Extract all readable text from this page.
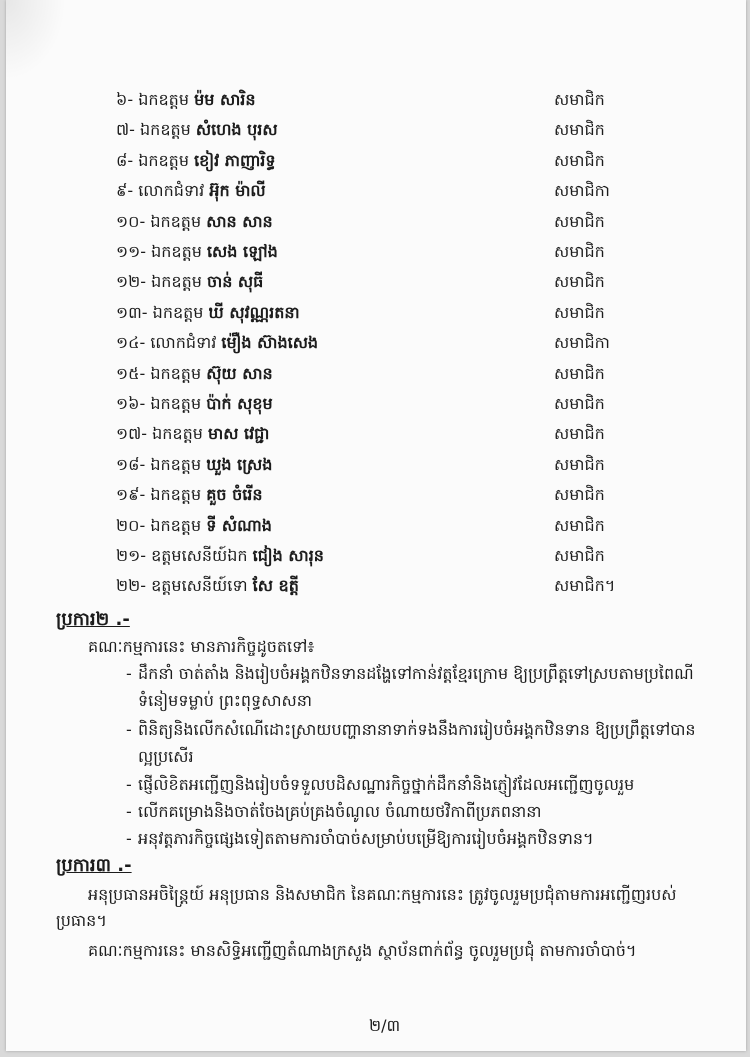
៦- ឯកឧត្តម ម៉ម សារិន	សមាជិក
៧- ឯកឧត្តម សំហេង បុរស	សមាជិក
៨- ឯកឧត្តម ខៀវ ភាញារិទ្ធ	សមាជិក
៩- លោកជំទាវ អ៊ុក ម៉ាលី	សមាជិកា
១០- ឯកឧត្តម សាន សាន	សមាជិក
១១- ឯកឧត្តម សេង ឡៅង	សមាជិក
១២- ឯកឧត្តម ចាន់ សុធី	សមាជិក
១៣- ឯកឧត្តម ឃី សុវណ្ណរតនា	សមាជិក
១៤- លោកជំទាវ ម៉ឿង ស៊ាងសេង	សមាជិកា
១៥- ឯកឧត្តម ស៊ុយ សាន	សមាជិក
១៦- ឯកឧត្តម ប៉ាក់ សុខុម	សមាជិក
១៧- ឯកឧត្តម មាស វេជ្ជា	សមាជិក
១៨- ឯកឧត្តម ឃួង ស្រេង	សមាជិក
១៩- ឯកឧត្តម គួច ចំរើន	សមាជិក
២០- ឯកឧត្តម ទី សំណាង	សមាជិក
២១- ឧត្តមសេនីយ៍ឯក ជៀង សារុន	សមាជិក
២២- ឧត្តមសេនីយ៍ទោ សែ ឧត្តី	សមាជិក។
ប្រការ២ .-
គណៈកម្មការនេះ មានភារកិច្ចដូចតទៅ៖
- ដឹកនាំ ចាត់តាំង និងរៀបចំអង្គកឋិនទានដង្ហែទៅកាន់វត្តខ្មែរក្រោម ឱ្យប្រព្រឹត្តទៅស្របតាមប្រពៃណី
ទំនៀមទម្លាប់ ព្រះពុទ្ធសាសនា
- ពិនិត្យនិងលើកសំណើដោះស្រាយបញ្ហានានាទាក់ទងនឹងការរៀបចំអង្គកឋិនទាន ឱ្យប្រព្រឹត្តទៅបាន
ល្អប្រសើរ
- ផ្ញើលិខិតអញ្ជើញនិងរៀបចំទទួលបដិសណ្ឋារកិច្ចថ្នាក់ដឹកនាំនិងភ្ញៀវដែលអញ្ជើញចូលរួម
- លើកគម្រោងនិងចាត់ចែងគ្រប់គ្រងចំណូល ចំណាយថវិកាពីប្រភពនានា
- អនុវត្តភារកិច្ចផ្សេងទៀតតាមការចាំបាច់សម្រាប់បម្រើឱ្យការរៀបចំអង្គកឋិនទាន។
ប្រការ៣ .-
អនុប្រធានអចិន្ត្រៃយ៍ អនុប្រធាន និងសមាជិក នៃគណៈកម្មការនេះ ត្រូវចូលរួមប្រជុំតាមការអញ្ជើញរបស់
ប្រធាន។
គណៈកម្មការនេះ មានសិទ្ធិអញ្ជើញតំណាងក្រសួង ស្ថាប័នពាក់ព័ន្ធ ចូលរួមប្រជុំ តាមការចាំបាច់។
២/៣
